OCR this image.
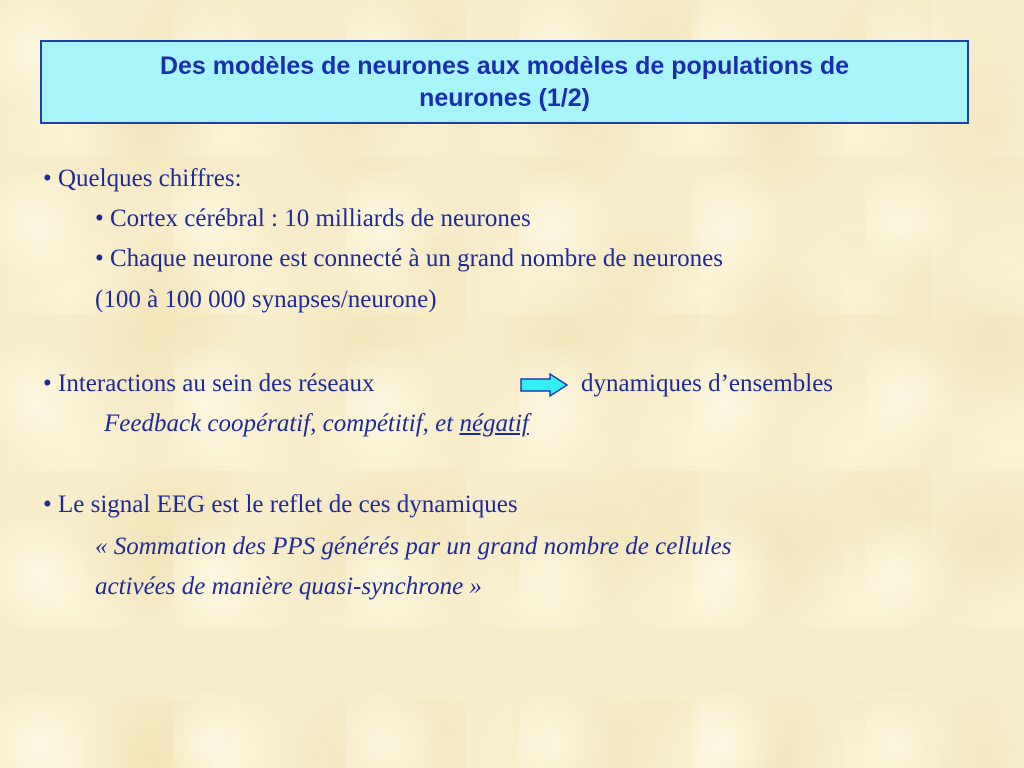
Des modèles de neurones aux modèles de populations de
neurones (1/2)
• Quelques chiffres:
• Cortex cérébral : 10 milliards de neurones
• Chaque neurone est connecté à un grand nombre de neurones
(100 à 100 000 synapses/neurone)
• Interactions au sein des réseaux	dynamiques d’ensembles
Feedback coopératif, compétitif, et négatif
• Le signal EEG est le reflet de ces dynamiques
« Sommation des PPS générés par un grand nombre de cellules
activées de manière quasi-synchrone »
